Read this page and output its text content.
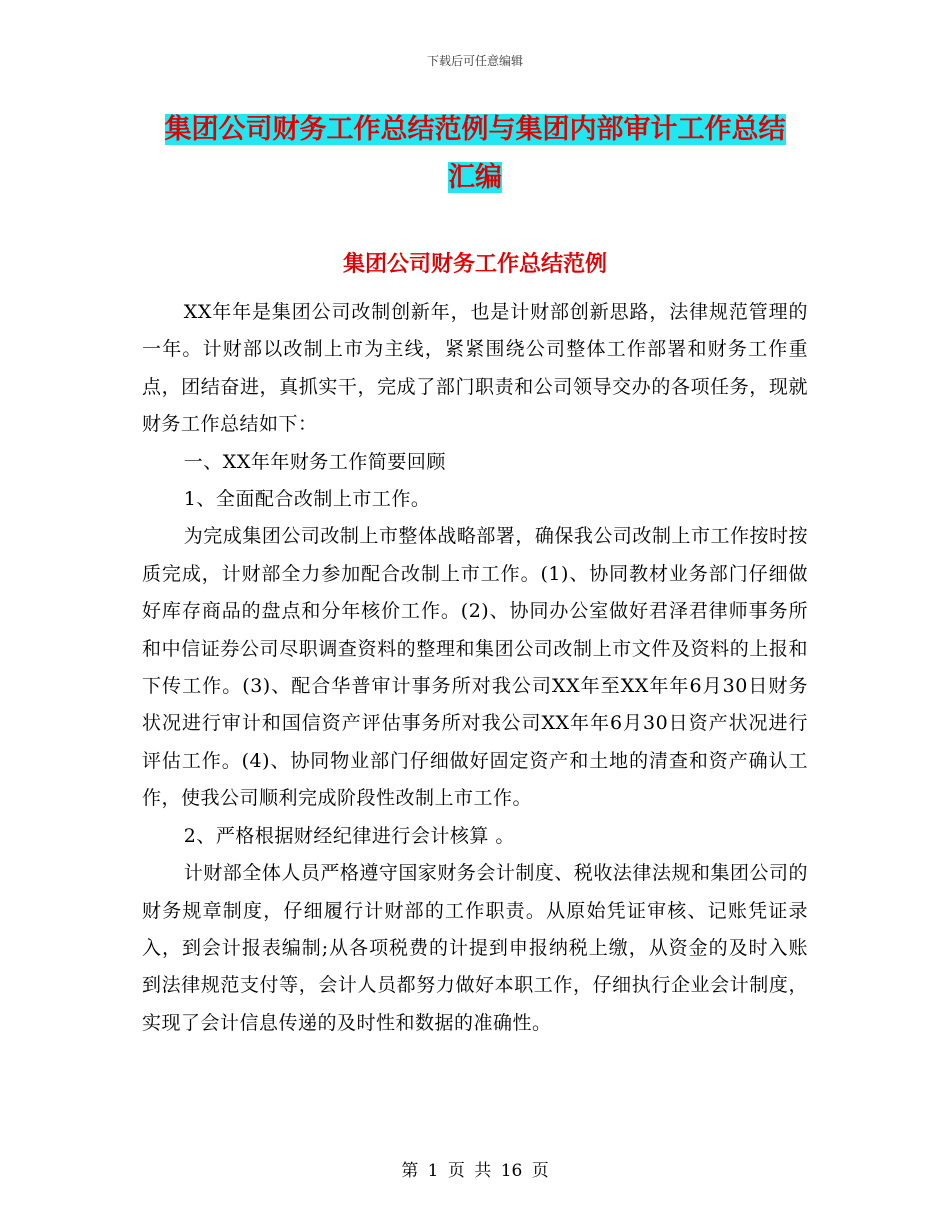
下载后可任意编辑
集团公司财务工作总结范例与集团内部审计工作总结
汇编
集团公司财务工作总结范例

XX年年是集团公司改制创新年，也是计财部创新思路，法律规范管理的一年。计财部以改制上市为主线，紧紧围绕公司整体工作部署和财务工作重点，团结奋进，真抓实干，完成了部门职责和公司领导交办的各项任务，现就财务工作总结如下：

一、XX年年财务工作简要回顾

1、全面配合改制上市工作。

为完成集团公司改制上市整体战略部署，确保我公司改制上市工作按时按质完成，计财部全力参加配合改制上市工作。(1)、协同教材业务部门仔细做好库存商品的盘点和分年核价工作。(2)、协同办公室做好君泽君律师事务所和中信证券公司尽职调查资料的整理和集团公司改制上市文件及资料的上报和下传工作。(3)、配合华普审计事务所对我公司XX年至XX年年6月30日财务状况进行审计和国信资产评估事务所对我公司XX年年6月30日资产状况进行评估工作。(4)、协同物业部门仔细做好固定资产和土地的清查和资产确认工作，使我公司顺利完成阶段性改制上市工作。

2、严格根据财经纪律进行会计核算 。

计财部全体人员严格遵守国家财务会计制度、税收法律法规和集团公司的财务规章制度，仔细履行计财部的工作职责。从原始凭证审核、记账凭证录入，到会计报表编制;从各项税费的计提到申报纳税上缴，从资金的及时入账到法律规范支付等，会计人员都努力做好本职工作，仔细执行企业会计制度，实现了会计信息传递的及时性和数据的准确性。

第 1 页 共 16 页
